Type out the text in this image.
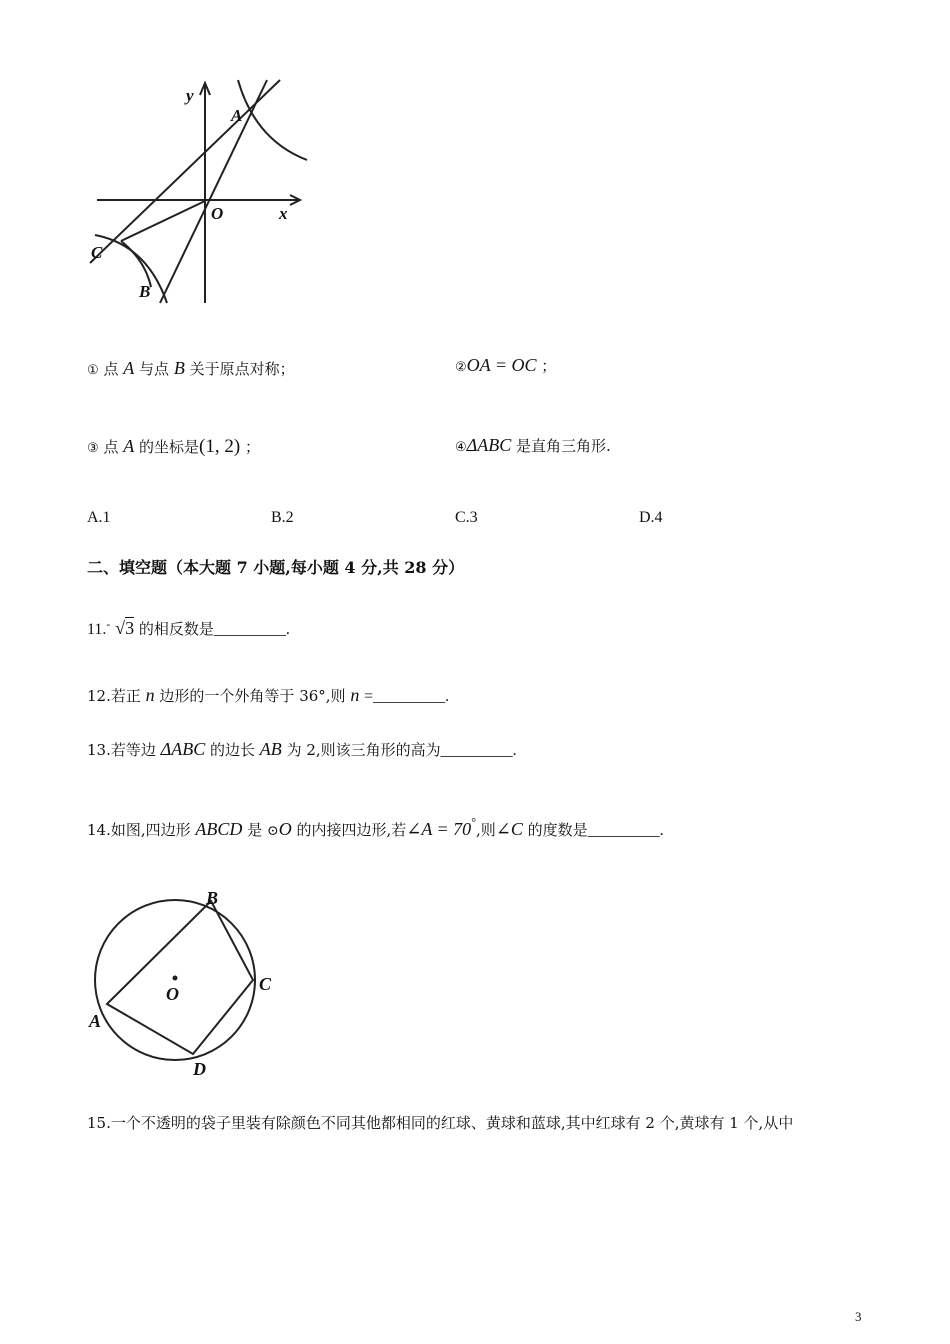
y
x
O
A
B
C
① 点 A 与点 B 关于原点对称；	②OA = OC ；
③ 点 A 的坐标是(1, 2) ；	④ΔABC 是直角三角形.
A.1	B.2	C.3	D.4
二、填空题（本大题 7 小题,每小题 4 分,共 28 分）
11.- √3 的相反数是_________.
12.若正 n 边形的一个外角等于 36°,则 n =_________.
13.若等边 ΔABC 的边长 AB 为 2,则该三角形的高为_________.
14.如图,四边形 ABCD 是 ⊙O 的内接四边形,若∠A = 70°,则∠C 的度数是_________.
A
B
C
D
O
15.一个不透明的袋子里装有除颜色不同其他都相同的红球、黄球和蓝球,其中红球有 2 个,黄球有 1 个,从中
3
